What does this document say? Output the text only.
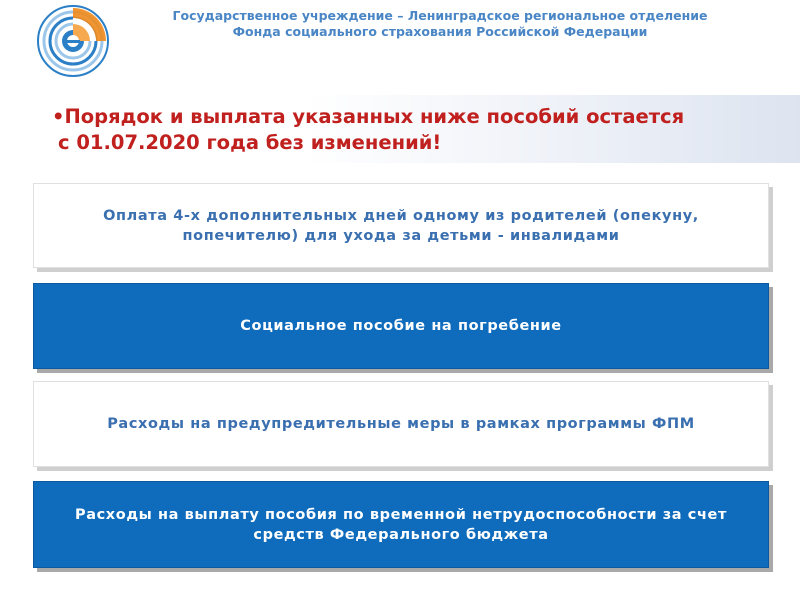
Государственное учреждение – Ленинградское региональное отделение
Фонда социального страхования Российской Федерации
•Порядок и выплата указанных ниже пособий остается
с 01.07.2020 года без изменений!
Оплата 4-х дополнительных дней одному из родителей (опекуну, попечителю) для ухода за детьми - инвалидами
Социальное пособие на погребение
Расходы на предупредительные меры в рамках программы ФПМ
Расходы на выплату пособия по временной нетрудоспособности за счет средств Федерального бюджета
